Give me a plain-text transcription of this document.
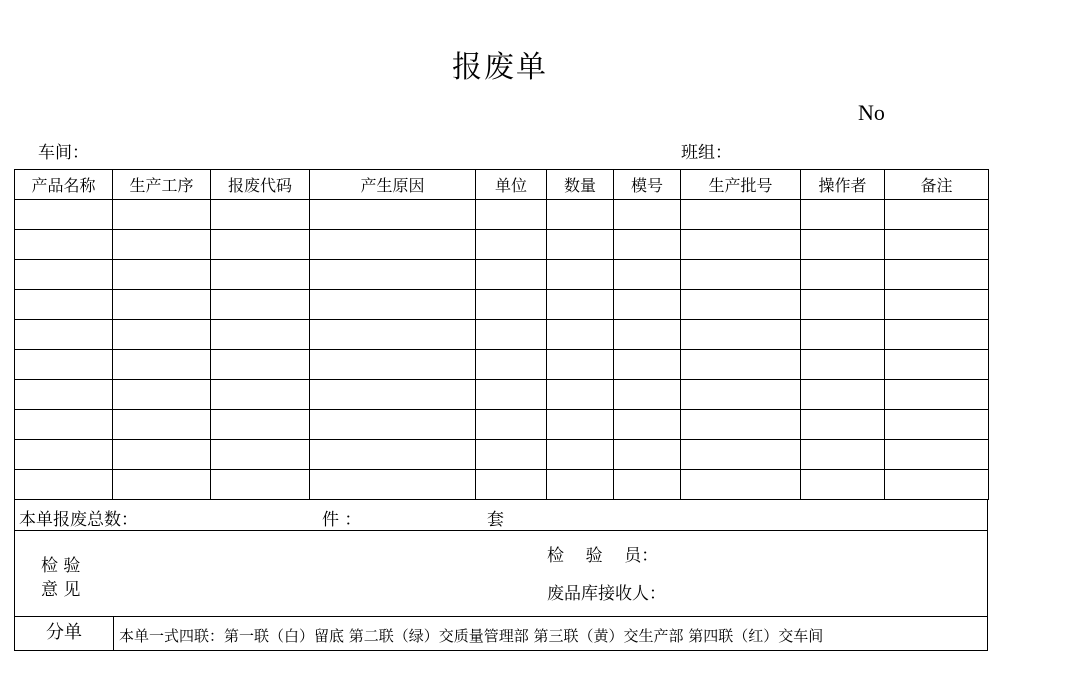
报废单
No
车间：	班组：
产品名称	生产工序	报废代码	产生原因	单位	数量	模号	生产批号	操作者	备注

本单报废总数：	件 ：	套
检 验
意 见
检    验    员：
废品库接收人：
分单	本单一式四联：第一联（白）留底 第二联（绿）交质量管理部 第三联（黄）交生产部 第四联（红）交车间
